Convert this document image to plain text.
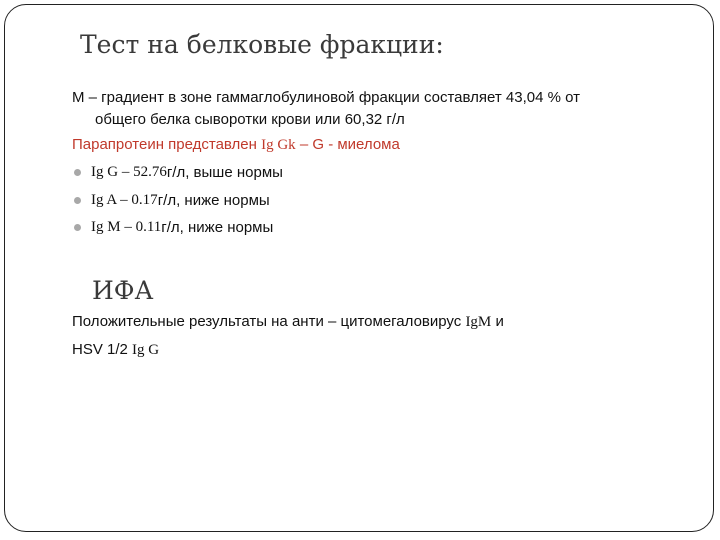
Тест на белковые фракции:
М – градиент в зоне гаммаглобулиновой фракции составляет 43,04 % от
общего белка сыворотки крови или 60,32 г/л
Парапротеин представлен Ig Gk – G - миелома
Ig G – 52.76 г/л, выше нормы
Ig A – 0.17 г/л, ниже нормы
Ig M – 0.11 г/л, ниже нормы
ИФА
Положительные результаты на анти – цитомегаловирус IgM и
HSV 1/2 Ig G
